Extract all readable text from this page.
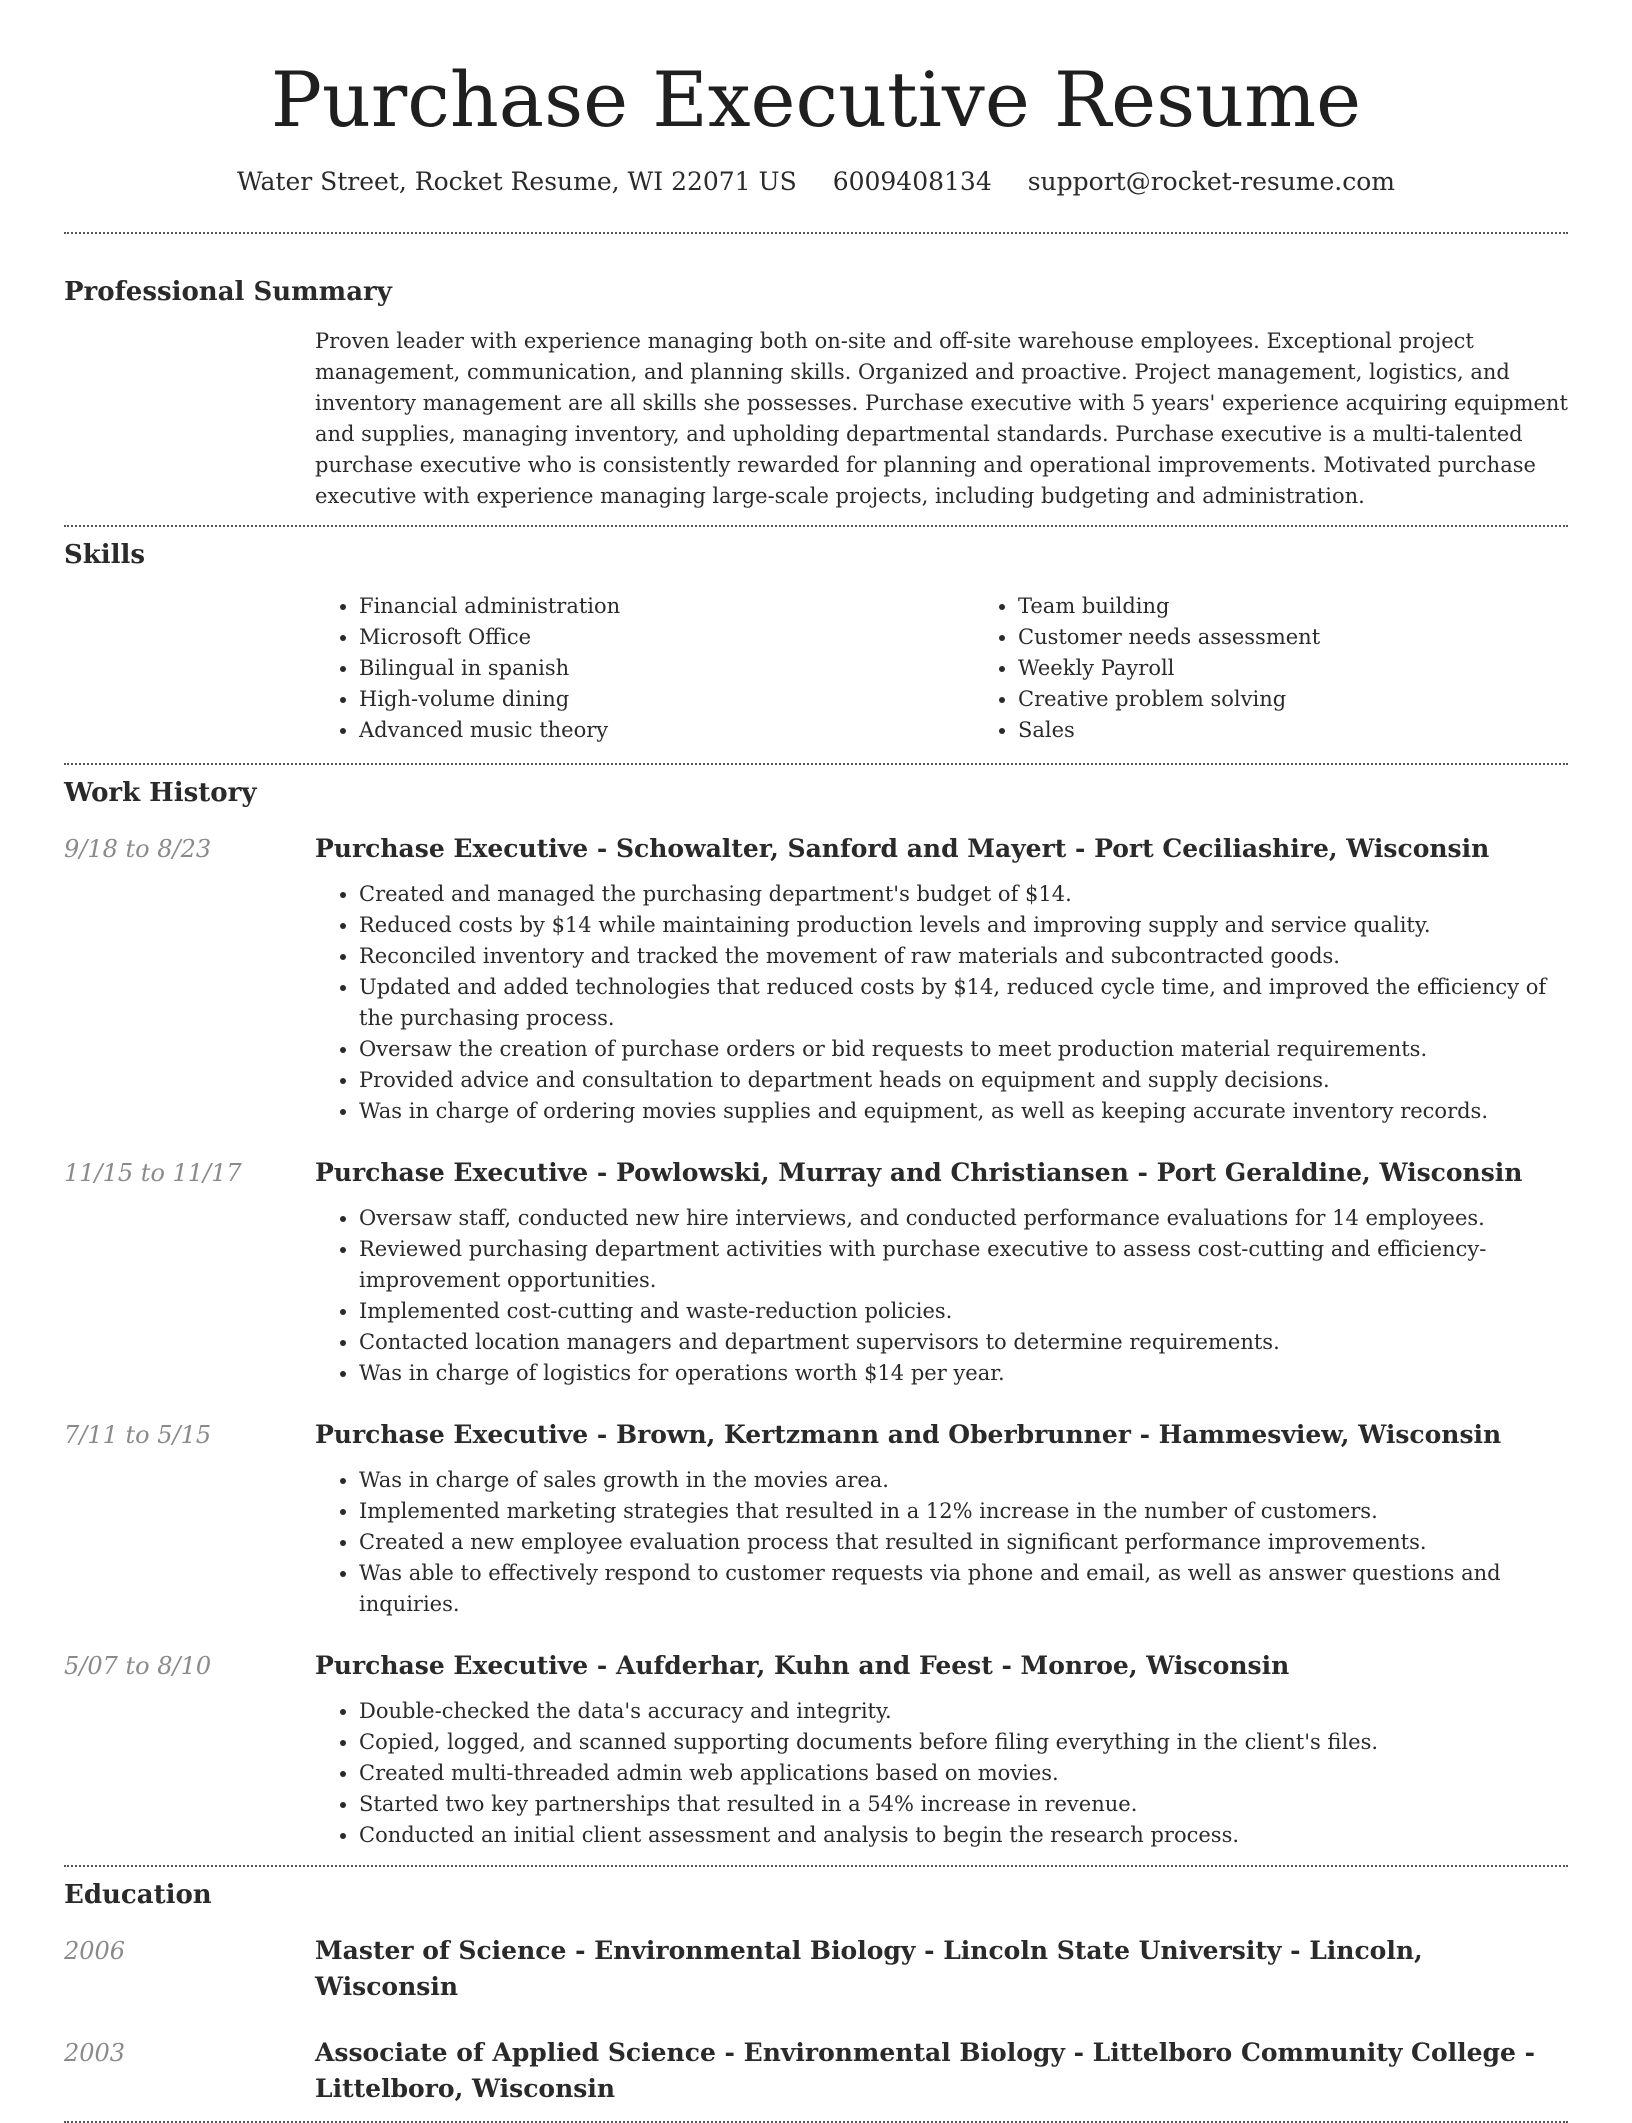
Purchase Executive Resume
Water Street, Rocket Resume, WI 22071 US 6009408134 support@rocket-resume.com
Professional Summary

Proven leader with experience managing both on-site and off-site warehouse employees. Exceptional project management, communication, and planning skills. Organized and proactive. Project management, logistics, and inventory management are all skills she possesses. Purchase executive with 5 years' experience acquiring equipment and supplies, managing inventory, and upholding departmental standards. Purchase executive is a multi-talented purchase executive who is consistently rewarded for planning and operational improvements. Motivated purchase executive with experience managing large-scale projects, including budgeting and administration.

Skills
• Financial administration
• Microsoft Office
• Bilingual in spanish
• High-volume dining
• Advanced music theory
• Team building
• Customer needs assessment
• Weekly Payroll
• Creative problem solving
• Sales
Work History
9/18 to 8/23	Purchase Executive - Schowalter, Sanford and Mayert - Port Ceciliashire, Wisconsin
• Created and managed the purchasing department's budget of $14.
• Reduced costs by $14 while maintaining production levels and improving supply and service quality.
• Reconciled inventory and tracked the movement of raw materials and subcontracted goods.
• Updated and added technologies that reduced costs by $14, reduced cycle time, and improved the efficiency of the purchasing process.
• Oversaw the creation of purchase orders or bid requests to meet production material requirements.
• Provided advice and consultation to department heads on equipment and supply decisions.
• Was in charge of ordering movies supplies and equipment, as well as keeping accurate inventory records.
11/15 to 11/17	Purchase Executive - Powlowski, Murray and Christiansen - Port Geraldine, Wisconsin
• Oversaw staff, conducted new hire interviews, and conducted performance evaluations for 14 employees.
• Reviewed purchasing department activities with purchase executive to assess cost-cutting and efficiency-improvement opportunities.
• Implemented cost-cutting and waste-reduction policies.
• Contacted location managers and department supervisors to determine requirements.
• Was in charge of logistics for operations worth $14 per year.
7/11 to 5/15	Purchase Executive - Brown, Kertzmann and Oberbrunner - Hammesview, Wisconsin
• Was in charge of sales growth in the movies area.
• Implemented marketing strategies that resulted in a 12% increase in the number of customers.
• Created a new employee evaluation process that resulted in significant performance improvements.
• Was able to effectively respond to customer requests via phone and email, as well as answer questions and inquiries.
5/07 to 8/10	Purchase Executive - Aufderhar, Kuhn and Feest - Monroe, Wisconsin
• Double-checked the data's accuracy and integrity.
• Copied, logged, and scanned supporting documents before filing everything in the client's files.
• Created multi-threaded admin web applications based on movies.
• Started two key partnerships that resulted in a 54% increase in revenue.
• Conducted an initial client assessment and analysis to begin the research process.
Education
2006	Master of Science - Environmental Biology - Lincoln State University - Lincoln, Wisconsin
2003	Associate of Applied Science - Environmental Biology - Littelboro Community College - Littelboro, Wisconsin
